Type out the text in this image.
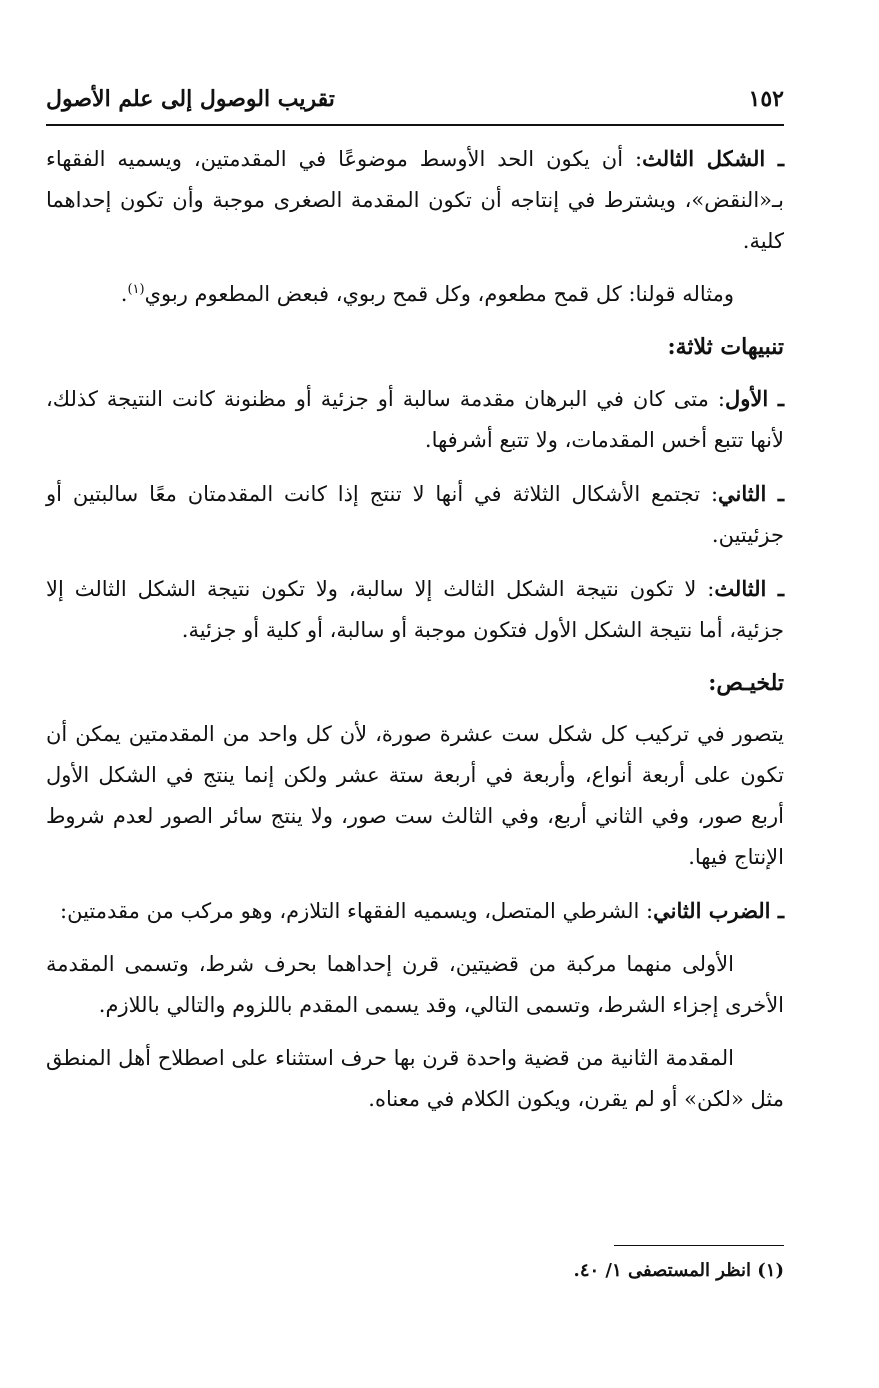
١٥٢
تقريب الوصول إلى علم الأصول

ـ الشكل الثالث: أن يكون الحد الأوسط موضوعًا في المقدمتين، ويسميه الفقهاء بـ«النقض»، ويشترط في إنتاجه أن تكون المقدمة الصغرى موجبة وأن تكون إحداهما كلية.

ومثاله قولنا: كل قمح مطعوم، وكل قمح ربوي، فبعض المطعوم ربوي$^{(١)}$.

تنبيهات ثلاثة:

ـ الأول: متى كان في البرهان مقدمة سالبة أو جزئية أو مظنونة كانت النتيجة كذلك، لأنها تتبع أخس المقدمات، ولا تتبع أشرفها.

ـ الثاني: تجتمع الأشكال الثلاثة في أنها لا تنتج إذا كانت المقدمتان معًا سالبتين أو جزئيتين.

ـ الثالث: لا تكون نتيجة الشكل الثالث إلا سالبة، ولا تكون نتيجة الشكل الثالث إلا جزئية، أما نتيجة الشكل الأول فتكون موجبة أو سالبة، أو كلية أو جزئية.

تلخيـص:

يتصور في تركيب كل شكل ست عشرة صورة، لأن كل واحد من المقدمتين يمكن أن تكون على أربعة أنواع، وأربعة في أربعة ستة عشر ولكن إنما ينتج في الشكل الأول أربع صور، وفي الثاني أربع، وفي الثالث ست صور، ولا ينتج سائر الصور لعدم شروط الإنتاج فيها.

ـ الضرب الثاني: الشرطي المتصل، ويسميه الفقهاء التلازم، وهو مركب من مقدمتين:

الأولى منهما مركبة من قضيتين، قرن إحداهما بحرف شرط، وتسمى المقدمة الأخرى إجزاء الشرط، وتسمى التالي، وقد يسمى المقدم باللزوم والتالي باللازم.

المقدمة الثانية من قضية واحدة قرن بها حرف استثناء على اصطلاح أهل المنطق مثل «لكن» أو لم يقرن، ويكون الكلام في معناه.

(١) انظر المستصفى ١/ ٤٠.
